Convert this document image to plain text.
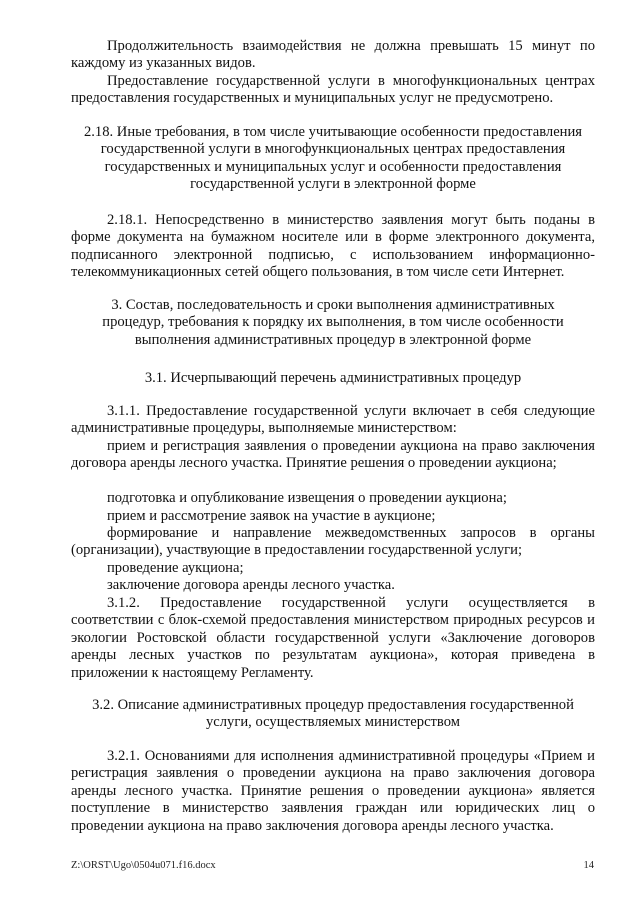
Продолжительность взаимодействия не должна превышать 15 минут по каждому из указанных видов.

Предоставление государственной услуги в многофункциональных центрах предоставления государственных и муниципальных услуг не предусмотрено.

2.18. Иные требования, в том числе учитывающие особенности предоставления государственной услуги в многофункциональных центрах предоставления государственных и муниципальных услуг и особенности предоставления государственной услуги в электронной форме

2.18.1. Непосредственно в министерство заявления могут быть поданы в форме документа на бумажном носителе или в форме электронного документа, подписанного электронной подписью, с использованием информационно-телекоммуникационных сетей общего пользования, в том числе сети Интернет.

3. Состав, последовательность и сроки выполнения административных процедур, требования к порядку их выполнения, в том числе особенности выполнения административных процедур в электронной форме

3.1. Исчерпывающий перечень административных процедур

3.1.1. Предоставление государственной услуги включает в себя следующие административные процедуры, выполняемые министерством:

прием и регистрация заявления о проведении аукциона на право заключения договора аренды лесного участка. Принятие решения о проведении аукциона;

подготовка и опубликование извещения о проведении аукциона;

прием и рассмотрение заявок на участие в аукционе;

формирование и направление межведомственных запросов в органы (организации), участвующие в предоставлении государственной услуги;

проведение аукциона;

заключение договора аренды лесного участка.

3.1.2. Предоставление государственной услуги осуществляется в соответствии с блок-схемой предоставления министерством природных ресурсов и экологии Ростовской области государственной услуги «Заключение договоров аренды лесных участков по результатам аукциона», которая приведена в приложении к настоящему Регламенту.

3.2. Описание административных процедур предоставления государственной услуги, осуществляемых министерством

3.2.1. Основаниями для исполнения административной процедуры «Прием и регистрация заявления о проведении аукциона на право заключения договора аренды лесного участка. Принятие решения о проведении аукциона» является поступление в министерство заявления граждан или юридических лиц о проведении аукциона на право заключения договора аренды лесного участка.

Z:\ORST\Ugo\0504u071.f16.docx	14
